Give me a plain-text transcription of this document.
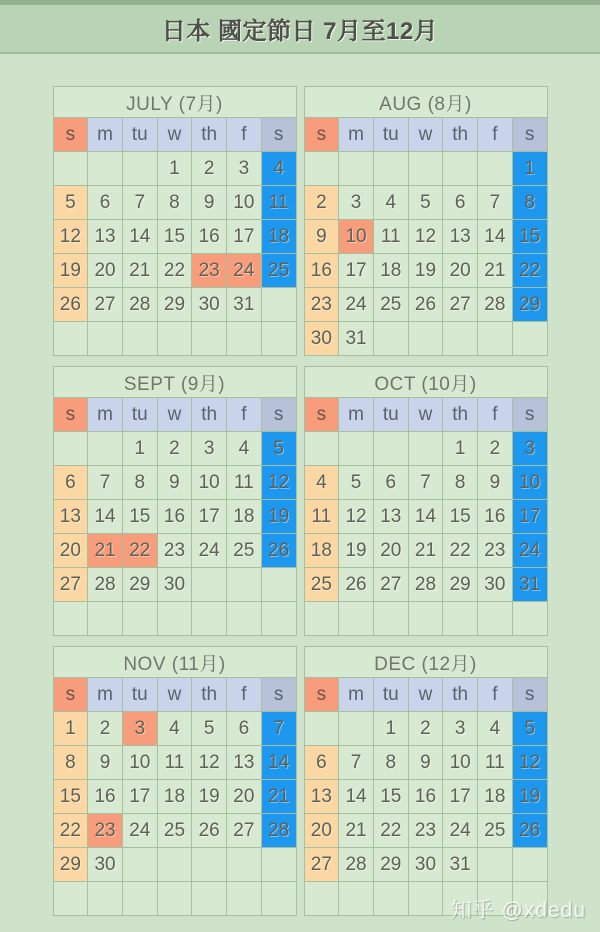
日本 國定節日 7月至12月
JULY (7月)						
s	m	tu	w	th	f	s
			1	2	3	4
5	6	7	8	9	10	11
12	13	14	15	16	17	18
19	20	21	22	23	24	25
26	27	28	29	30	31	

AUG (8月)						
s	m	tu	w	th	f	s
						1
2	3	4	5	6	7	8
9	10	11	12	13	14	15
16	17	18	19	20	21	22
23	24	25	26	27	28	29
30	31					
SEPT (9月)						
s	m	tu	w	th	f	s
		1	2	3	4	5
6	7	8	9	10	11	12
13	14	15	16	17	18	19
20	21	22	23	24	25	26
27	28	29	30			

OCT (10月)						
s	m	tu	w	th	f	s
				1	2	3
4	5	6	7	8	9	10
11	12	13	14	15	16	17
18	19	20	21	22	23	24
25	26	27	28	29	30	31

NOV (11月)						
s	m	tu	w	th	f	s
1	2	3	4	5	6	7
8	9	10	11	12	13	14
15	16	17	18	19	20	21
22	23	24	25	26	27	28
29	30					

DEC (12月)						
s	m	tu	w	th	f	s
		1	2	3	4	5
6	7	8	9	10	11	12
13	14	15	16	17	18	19
20	21	22	23	24	25	26
27	28	29	30	31		

知乎 @xdedu
